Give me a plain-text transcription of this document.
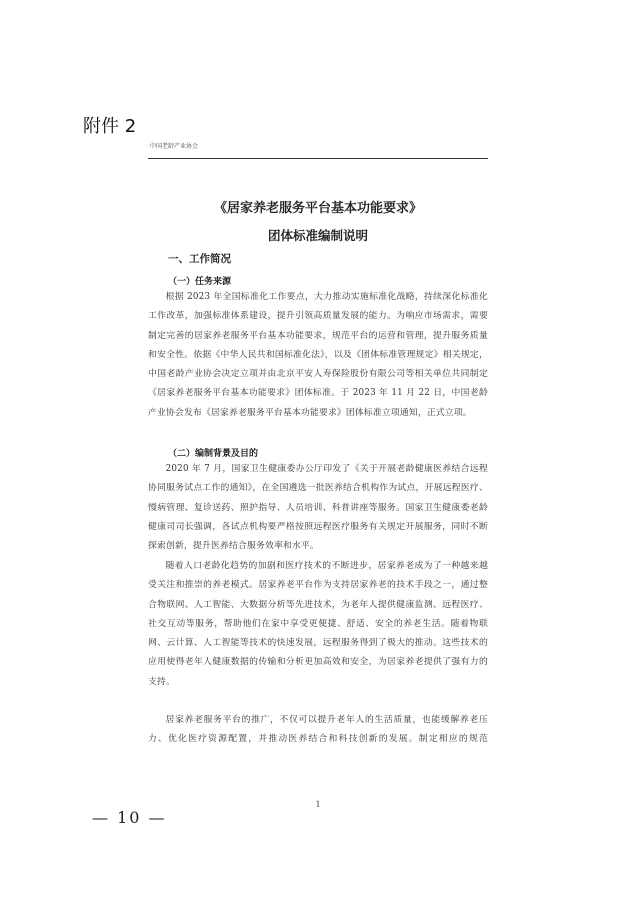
附件 2
中国老龄产业协会
《居家养老服务平台基本功能要求》
团体标准编制说明
一、工作简况
（一）任务来源

根据 2023 年全国标准化工作要点，大力推动实施标准化战略，持续深化标准化工作改革，加强标准体系建设，提升引领高质量发展的能力。为响应市场需求，需要制定完善的居家养老服务平台基本功能要求，规范平台的运营和管理，提升服务质量和安全性。依据《中华人民共和国标准化法》，以及《团体标准管理规定》相关规定，中国老龄产业协会决定立项并由北京平安人寿保险股份有限公司等相关单位共同制定《居家养老服务平台基本功能要求》团体标准。于 2023 年 11 月 22 日，中国老龄产业协会发布《居家养老服务平台基本功能要求》团体标准立项通知，正式立项。

（二）编制背景及目的

2020 年 7 月，国家卫生健康委办公厅印发了《关于开展老龄健康医养结合远程协同服务试点工作的通知》，在全国遴选一批医养结合机构作为试点，开展远程医疗、慢病管理、复诊送药、照护指导、人员培训、科普讲座等服务。国家卫生健康委老龄健康司司长强调，各试点机构要严格按照远程医疗服务有关规定开展服务，同时不断探索创新，提升医养结合服务效率和水平。

随着人口老龄化趋势的加剧和医疗技术的不断进步，居家养老成为了一种越来越受关注和推崇的养老模式。居家养老平台作为支持居家养老的技术手段之一，通过整合物联网、人工智能、大数据分析等先进技术，为老年人提供健康监测、远程医疗、社交互动等服务，帮助他们在家中享受更便捷、舒适、安全的养老生活。随着物联网、云计算、人工智能等技术的快速发展，远程服务得到了极大的推动。这些技术的应用使得老年人健康数据的传输和分析更加高效和安全，为居家养老提供了强有力的支持。

居家养老服务平台的推广，不仅可以提升老年人的生活质量，也能缓解养老压力、优化医疗资源配置，并推动医养结合和科技创新的发展。制定相应的规范

1
— 10 —
